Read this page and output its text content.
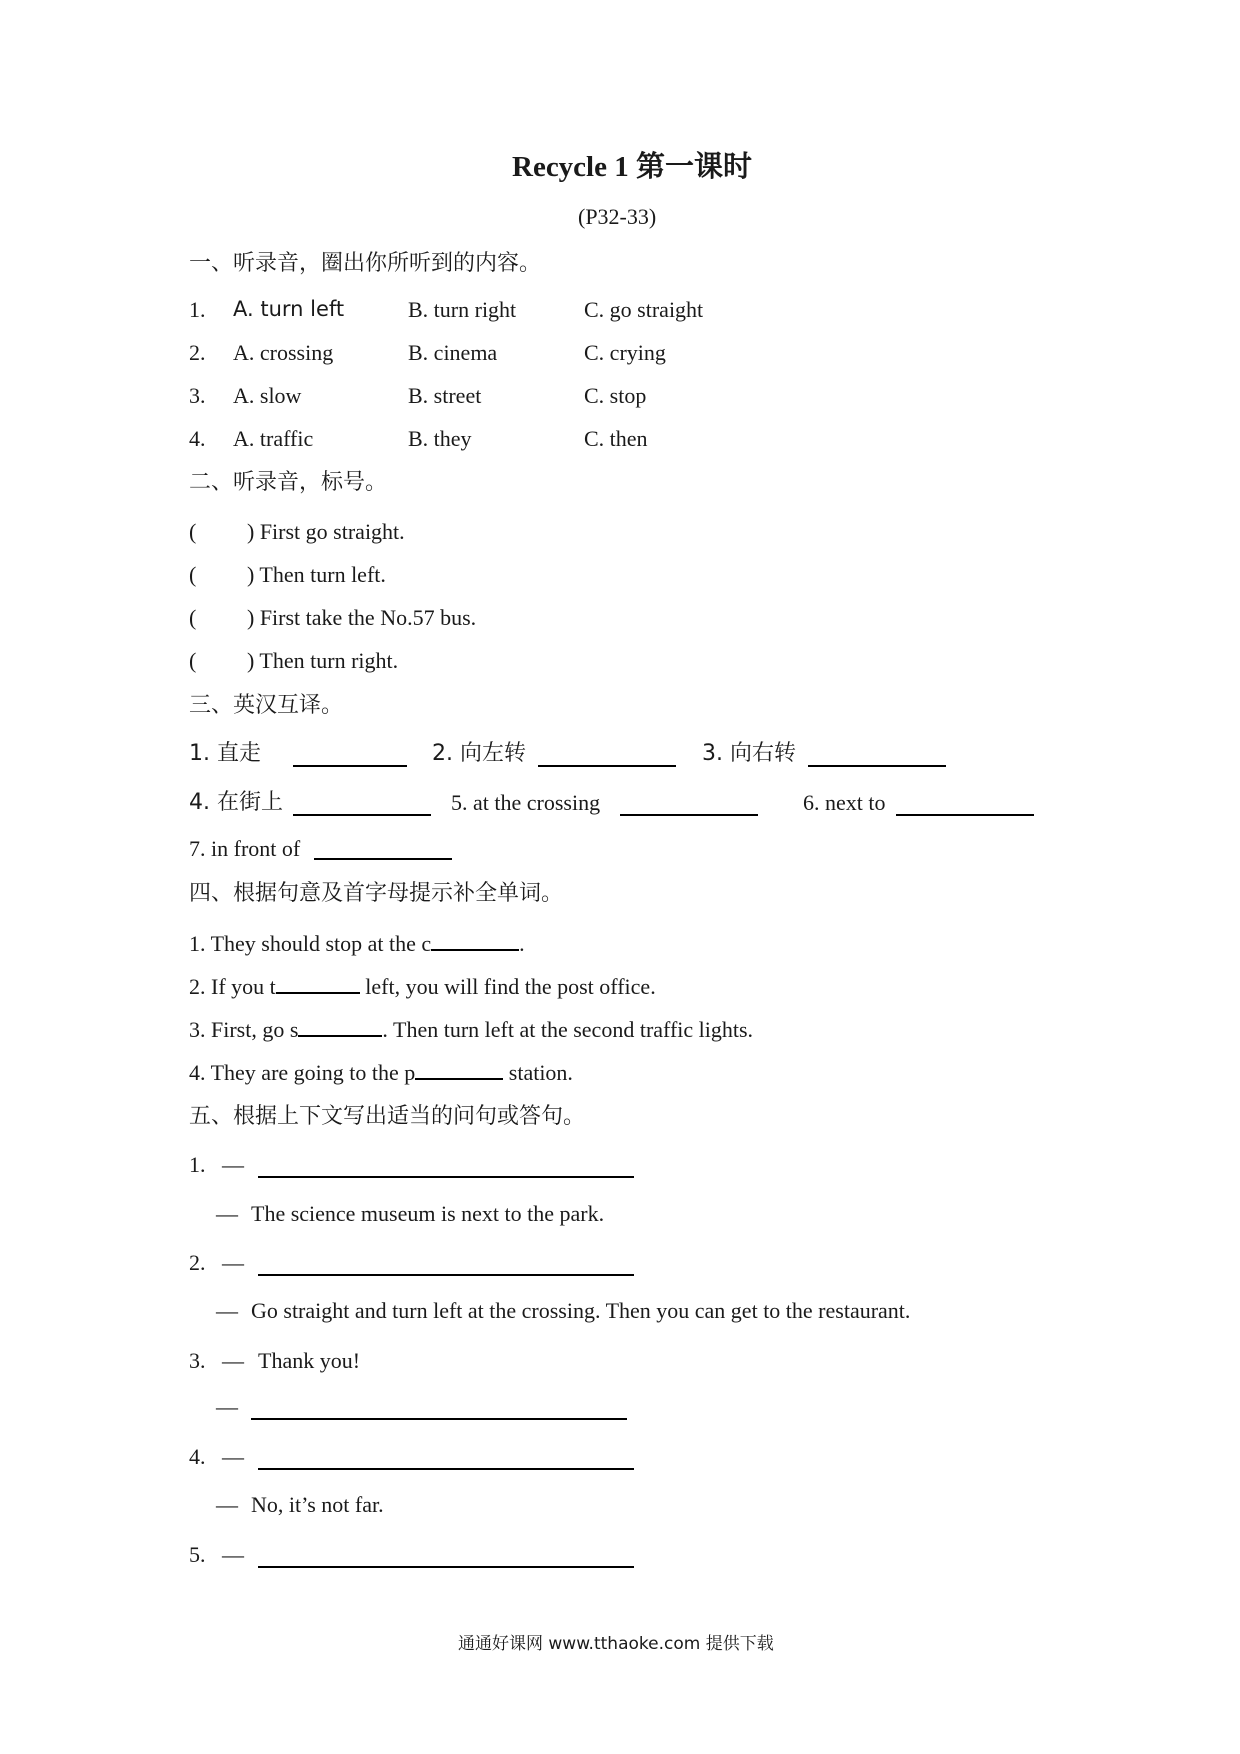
Recycle 1 第一课时
(P32-33)
一、听录音，圈出你所听到的内容。
1. A. turn left	B. turn right	C. go straight
2. A. crossing	B. cinema	C. crying
3. A. slow	B. street	C. stop
4. A. traffic	B. they	C. then
二、听录音，标号。
( ) First go straight.
( ) Then turn left.
( ) First take the No.57 bus.
( ) Then turn right.
三、英汉互译。
1. 直走	2. 向左转	3. 向右转
4. 在街上	5. at the crossing	6. next to
7. in front of
四、根据句意及首字母提示补全单词。
1. They should stop at the c	.
2. If you t	left, you will find the post office.
3. First, go s	. Then turn left at the second traffic lights.
4. They are going to the p	station.
五、根据上下文写出适当的问句或答句。
1. —
— The science museum is next to the park.
2. —
— Go straight and turn left at the crossing. Then you can get to the restaurant.
3. — Thank you!
—
4. —
— No, it’s not far.
5. —
通通好课网 www.tthaoke.com 提供下载
